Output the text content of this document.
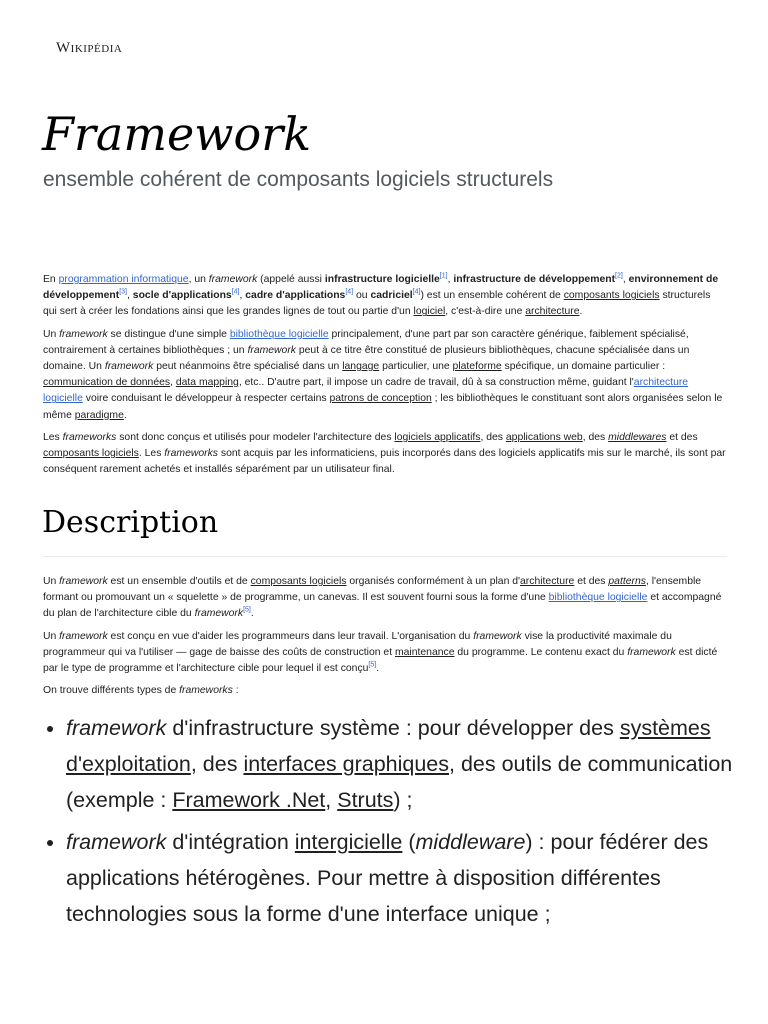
Wikipédia
Framework
ensemble cohérent de composants logiciels structurels

En programmation informatique, un framework (appelé aussi infrastructure logicielle[1], infrastructure de développement[2], environnement de développement[3], socle d'applications[4], cadre d'applications[4] ou cadriciel[4]) est un ensemble cohérent de composants logiciels structurels qui sert à créer les fondations ainsi que les grandes lignes de tout ou partie d'un logiciel, c'est-à-dire une architecture.

Un framework se distingue d'une simple bibliothèque logicielle principalement, d'une part par son caractère générique, faiblement spécialisé, contrairement à certaines bibliothèques ; un framework peut à ce titre être constitué de plusieurs bibliothèques, chacune spécialisée dans un domaine. Un framework peut néanmoins être spécialisé dans un langage particulier, une plateforme spécifique, un domaine particulier : communication de données, data mapping, etc.. D'autre part, il impose un cadre de travail, dû à sa construction même, guidant l'architecture logicielle voire conduisant le développeur à respecter certains patrons de conception ; les bibliothèques le constituant sont alors organisées selon le même paradigme.

Les frameworks sont donc conçus et utilisés pour modeler l'architecture des logiciels applicatifs, des applications web, des middlewares et des composants logiciels. Les frameworks sont acquis par les informaticiens, puis incorporés dans des logiciels applicatifs mis sur le marché, ils sont par conséquent rarement achetés et installés séparément par un utilisateur final.

Description

Un framework est un ensemble d'outils et de composants logiciels organisés conformément à un plan d'architecture et des patterns, l'ensemble formant ou promouvant un « squelette » de programme, un canevas. Il est souvent fourni sous la forme d'une bibliothèque logicielle et accompagné du plan de l'architecture cible du framework[5].

Un framework est conçu en vue d'aider les programmeurs dans leur travail. L'organisation du framework vise la productivité maximale du programmeur qui va l'utiliser — gage de baisse des coûts de construction et maintenance du programme. Le contenu exact du framework est dicté par le type de programme et l'architecture cible pour lequel il est conçu[5].

On trouve différents types de frameworks :

• framework d'infrastructure système : pour développer des systèmes d'exploitation, des interfaces graphiques, des outils de communication (exemple : Framework .Net, Struts) ;
• framework d'intégration intergicielle (middleware) : pour fédérer des applications hétérogènes. Pour mettre à disposition différentes technologies sous la forme d'une interface unique ;
